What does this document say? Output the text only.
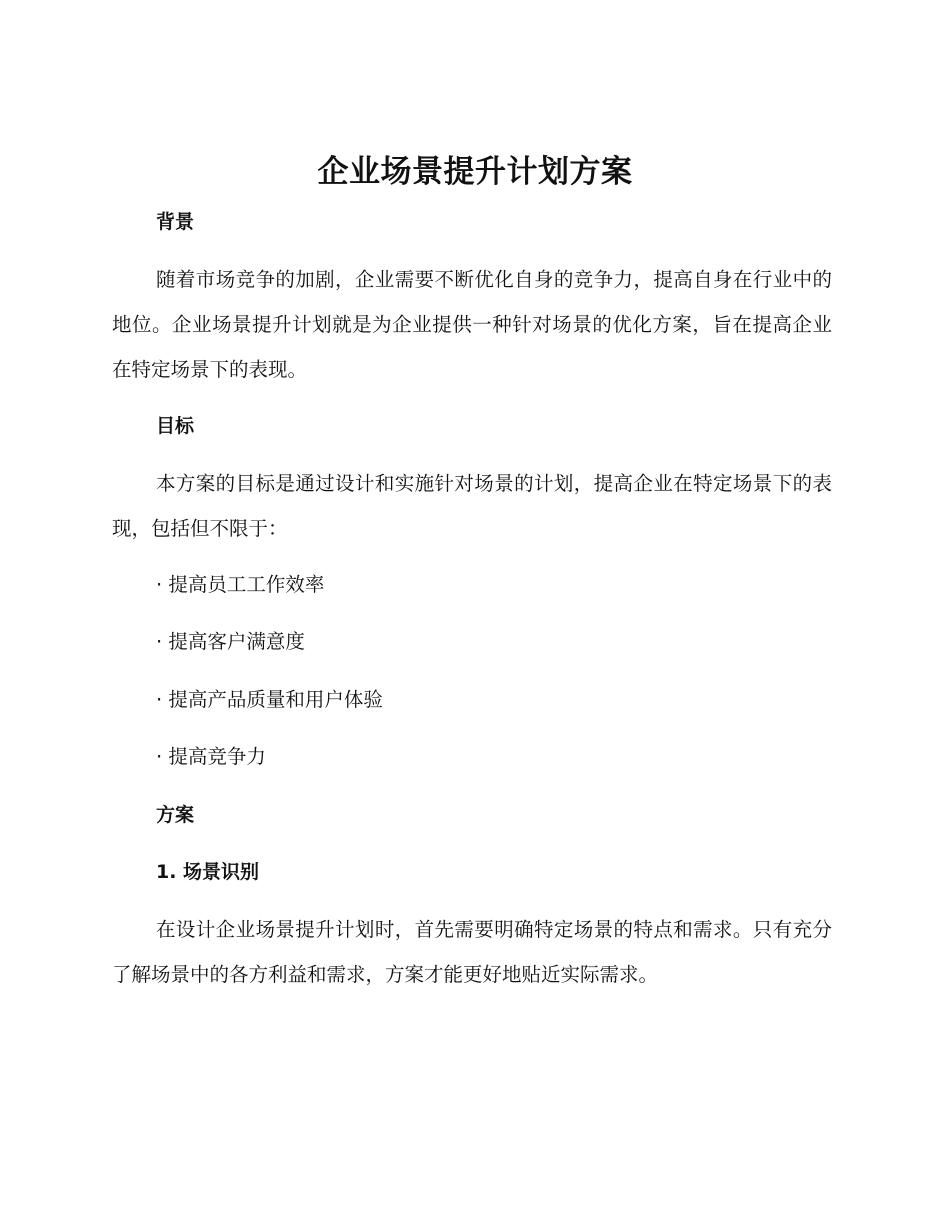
企业场景提升计划方案
背景

随着市场竞争的加剧，企业需要不断优化自身的竞争力，提高自身在行业中的地位。企业场景提升计划就是为企业提供一种针对场景的优化方案，旨在提高企业在特定场景下的表现。

目标

本方案的目标是通过设计和实施针对场景的计划，提高企业在特定场景下的表现，包括但不限于：

· 提高员工工作效率

· 提高客户满意度

· 提高产品质量和用户体验

· 提高竞争力

方案
1. 场景识别

在设计企业场景提升计划时，首先需要明确特定场景的特点和需求。只有充分了解场景中的各方利益和需求，方案才能更好地贴近实际需求。
